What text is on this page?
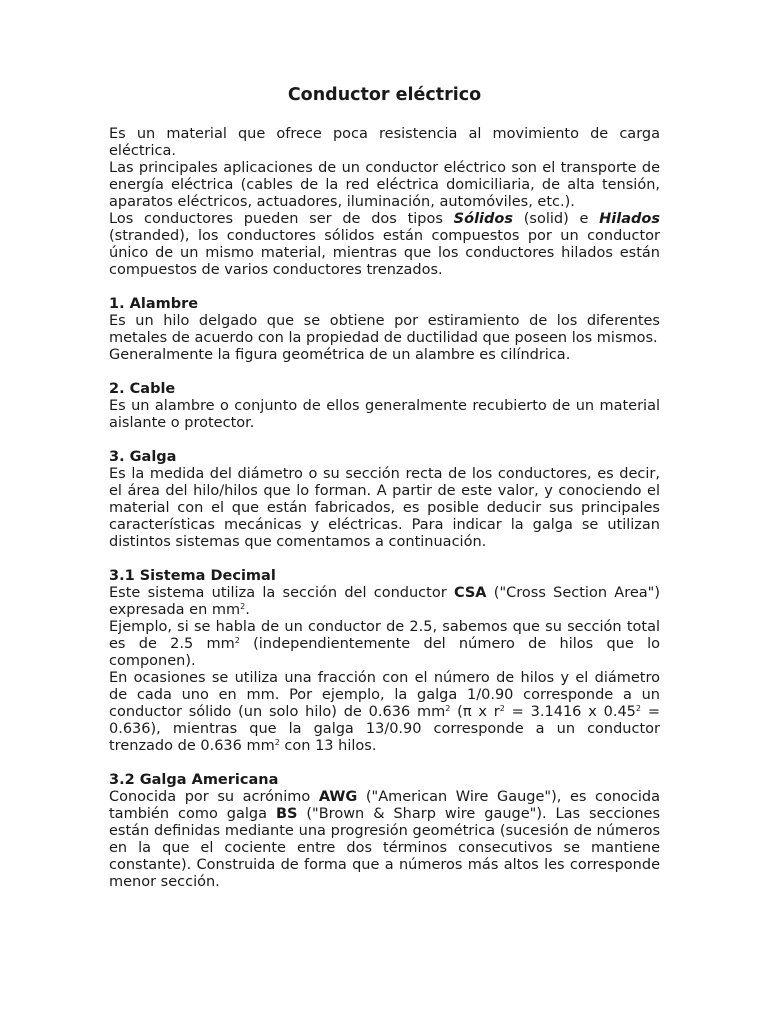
Conductor eléctrico

Es un material que ofrece poca resistencia al movimiento de carga eléctrica.

Las principales aplicaciones de un conductor eléctrico son el transporte de energía eléctrica (cables de la red eléctrica domiciliaria, de alta tensión, aparatos eléctricos, actuadores, iluminación, automóviles, etc.).

Los conductores pueden ser de dos tipos Sólidos (solid) e Hilados (stranded), los conductores sólidos están compuestos por un conductor único de un mismo material, mientras que los conductores hilados están compuestos de varios conductores trenzados.

1. Alambre

Es un hilo delgado que se obtiene por estiramiento de los diferentes metales de acuerdo con la propiedad de ductilidad que poseen los mismos.

Generalmente la figura geométrica de un alambre es cilíndrica.

2. Cable

Es un alambre o conjunto de ellos generalmente recubierto de un material aislante o protector.

3. Galga

Es la medida del diámetro o su sección recta de los conductores, es decir, el área del hilo/hilos que lo forman. A partir de este valor, y conociendo el material con el que están fabricados, es posible deducir sus principales características mecánicas y eléctricas. Para indicar la galga se utilizan distintos sistemas que comentamos a continuación.

3.1 Sistema Decimal

Este sistema utiliza la sección del conductor CSA ("Cross Section Area") expresada en $mm^2$.

Ejemplo, si se habla de un conductor de 2.5, sabemos que su sección total es de 2.5 $mm^2$ (independientemente del número de hilos que lo componen).

En ocasiones se utiliza una fracción con el número de hilos y el diámetro de cada uno en mm. Por ejemplo, la galga 1/0.90 corresponde a un conductor sólido (un solo hilo) de 0.636 $mm^2$ (π x $r^2 = 3.1416$ x $0.45^2 = 0.636$), mientras que la galga 13/0.90 corresponde a un conductor trenzado de 0.636 $mm^2$ con 13 hilos.

3.2 Galga Americana

Conocida por su acrónimo AWG ("American Wire Gauge"), es conocida también como galga BS ("Brown & Sharp wire gauge"). Las secciones están definidas mediante una progresión geométrica (sucesión de números en la que el cociente entre dos términos consecutivos se mantiene constante). Construida de forma que a números más altos les corresponde menor sección.
